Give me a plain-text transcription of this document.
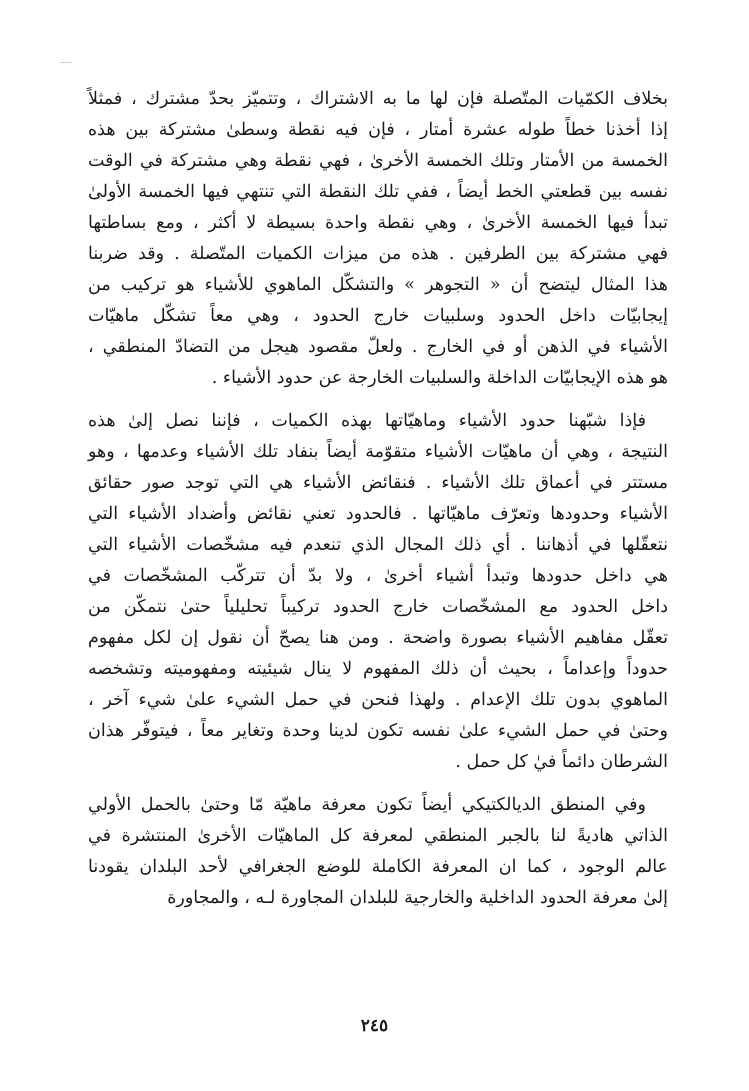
بخلاف الكمّيات المتّصلة فإن لها ما به الاشتراك ، وتتميّز بحدّ مشترك ، فمثلاً
إذا أخذنا خطاً طوله عشرة أمتار ، فإن فيه نقطة وسطىٰ مشتركة بين هذه
الخمسة من الأمتار وتلك الخمسة الأخرىٰ ، فهي نقطة وهي مشتركة في الوقت
نفسه بين قطعتي الخط أيضاً ، ففي تلك النقطة التي تنتهي فيها الخمسة الأولىٰ
تبدأ فيها الخمسة الأخرىٰ ، وهي نقطة واحدة بسيطة لا أكثر ، ومع بساطتها
فهي مشتركة بين الطرفين . هذه من ميزات الكميات المتّصلة . وقد ضربنا
هذا المثال ليتضح أن « التجوهر » والتشكّل الماهوي للأشياء هو تركيب من
إيجابيّات داخل الحدود وسلبيات خارج الحدود ، وهي معاً تشكّل ماهيّات
الأشياء في الذهن أو في الخارج . ولعلّ مقصود هيجل من التضادّ المنطقي ،
هو هذه الإيجابيّات الداخلة والسلبيات الخارجة عن حدود الأشياء .
فإذا شبّهنا حدود الأشياء وماهيّاتها بهذه الكميات ، فإننا نصل إلىٰ هذه
النتيجة ، وهي أن ماهيّات الأشياء متقوّمة أيضاً بنفاد تلك الأشياء وعدمها ، وهو
مستتر في أعماق تلك الأشياء . فنقائض الأشياء هي التي توجد صور حقائق
الأشياء وحدودها وتعرّف ماهيّاتها . فالحدود تعني نقائض وأضداد الأشياء التي
نتعقّلها في أذهاننا . أي ذلك المجال الذي تنعدم فيه مشخّصات الأشياء التي
هي داخل حدودها وتبدأ أشياء أخرىٰ ، ولا بدّ أن تتركّب المشخّصات في
داخل الحدود مع المشخّصات خارج الحدود تركيباً تحليلياً حتىٰ نتمكّن من
تعقّل مفاهيم الأشياء بصورة واضحة . ومن هنا يصحّ أن نقول إن لكل مفهوم
حدوداً وإعداماً ، بحيث أن ذلك المفهوم لا ينال شيئيته ومفهوميته وتشخصه
الماهوي بدون تلك الإعدام . ولهذا فنحن في حمل الشيء علىٰ شيء آخر ،
وحتىٰ في حمل الشيء علىٰ نفسه تكون لدينا وحدة وتغاير معاً ، فيتوفّر هذان
الشرطان دائماً فيٰ كل حمل .
وفي المنطق الديالكتيكي أيضاً تكون معرفة ماهيّة مّا وحتىٰ بالحمل الأولي
الذاتي هاديةً لنا بالجبر المنطقي لمعرفة كل الماهيّات الأخرىٰ المنتشرة في
عالم الوجود ، كما ان المعرفة الكاملة للوضع الجغرافي لأحد البلدان يقودنا
إلىٰ معرفة الحدود الداخلية والخارجية للبلدان المجاورة لـه ، والمجاورة
٢٤٥
